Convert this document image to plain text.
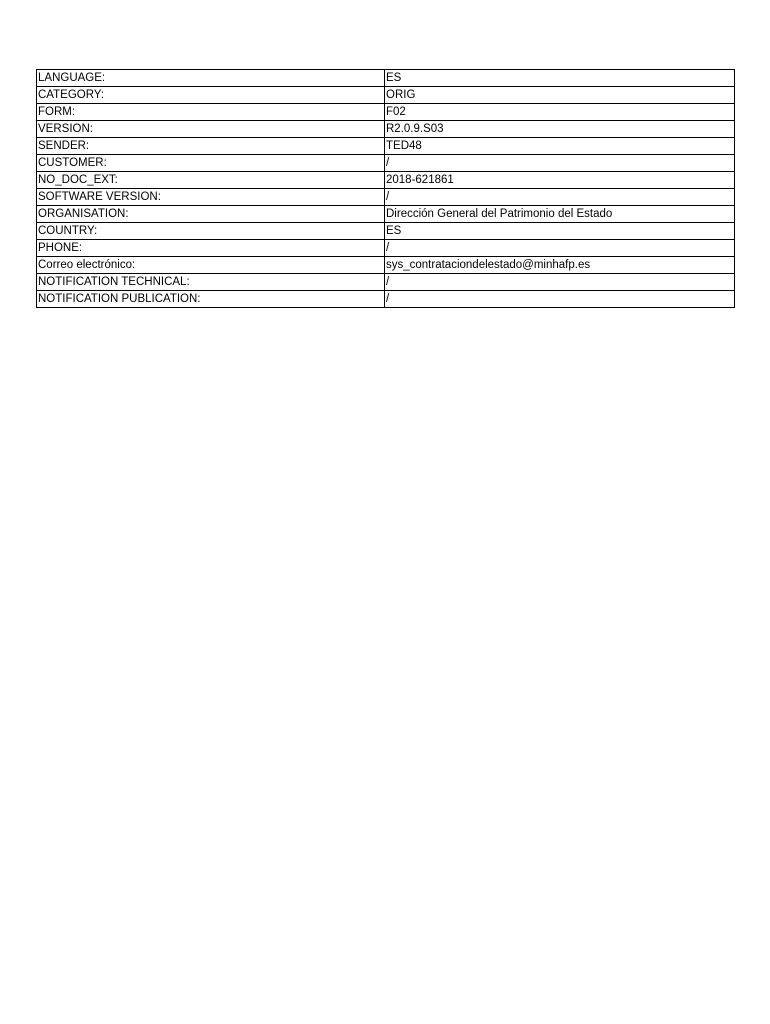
LANGUAGE:	ES
CATEGORY:	ORIG
FORM:	F02
VERSION:	R2.0.9.S03
SENDER:	TED48
CUSTOMER:	/
NO_DOC_EXT:	2018-621861
SOFTWARE VERSION:	/
ORGANISATION:	Dirección General del Patrimonio del Estado
COUNTRY:	ES
PHONE:	/
Correo electrónico:	sys_contrataciondelestado@minhafp.es
NOTIFICATION TECHNICAL:	/
NOTIFICATION PUBLICATION:	/
